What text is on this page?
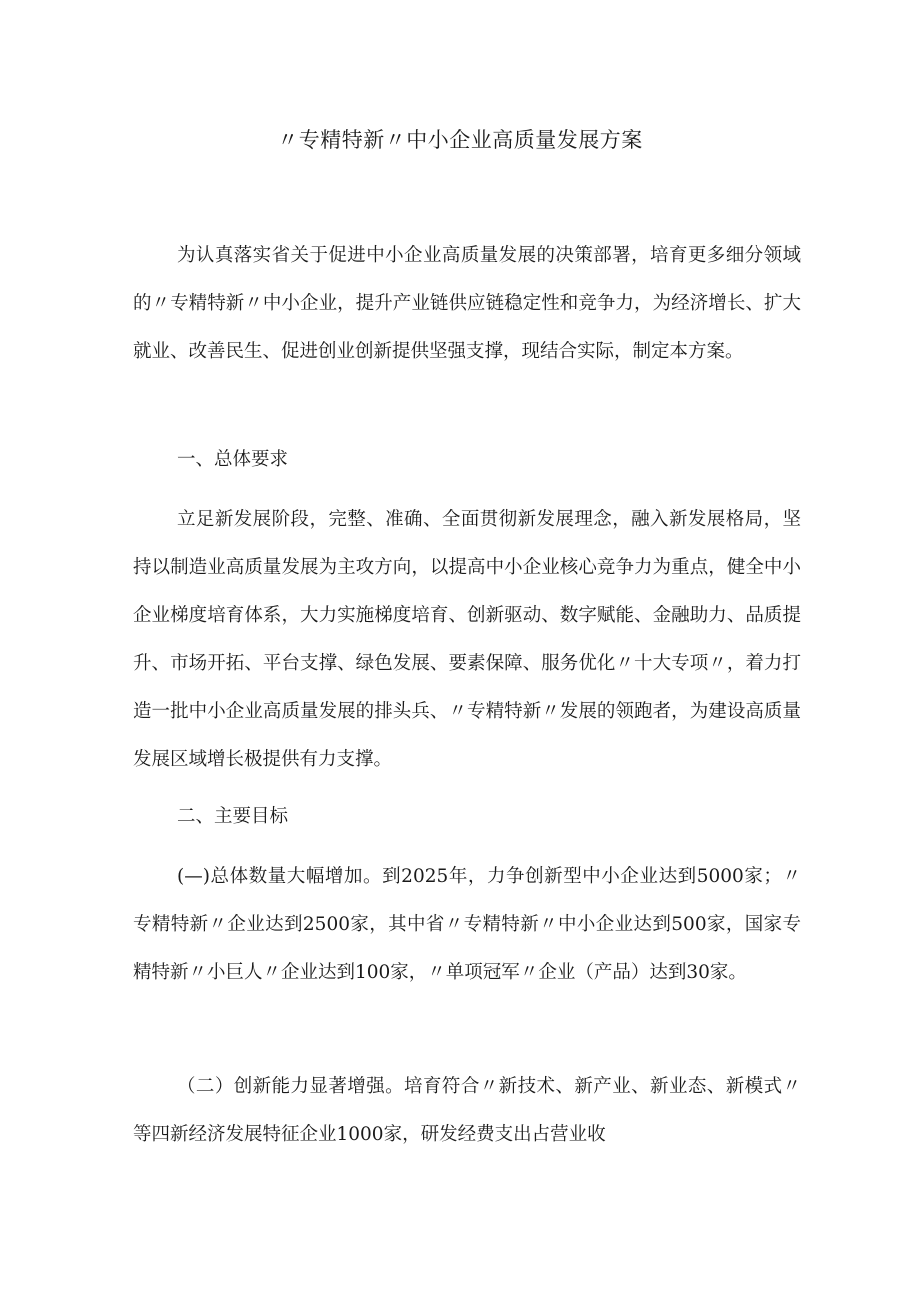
〃专精特新〃中小企业高质量发展方案
为认真落实省关于促进中小企业高质量发展的决策部署，培育更多细分领域的〃专精特新〃中小企业，提升产业链供应链稳定性和竞争力，为经济增长、扩大就业、改善民生、促进创业创新提供坚强支撑，现结合实际，制定本方案。
一、总体要求
立足新发展阶段，完整、准确、全面贯彻新发展理念，融入新发展格局，坚持以制造业高质量发展为主攻方向，以提高中小企业核心竞争力为重点，健全中小企业梯度培育体系，大力实施梯度培育、创新驱动、数字赋能、金融助力、品质提升、市场开拓、平台支撑、绿色发展、要素保障、服务优化〃十大专项〃，着力打造一批中小企业高质量发展的排头兵、〃专精特新〃发展的领跑者，为建设高质量发展区域增长极提供有力支撑。
二、主要目标
(—)总体数量大幅增加。到2025年，力争创新型中小企业达到5000家；〃专精特新〃企业达到2500家，其中省〃专精特新〃中小企业达到500家，国家专精特新〃小巨人〃企业达到100家，〃单项冠军〃企业（产品）达到30家。
（二）创新能力显著增强。培育符合〃新技术、新产业、新业态、新模式〃等四新经济发展特征企业1000家，研发经费支出占营业收
